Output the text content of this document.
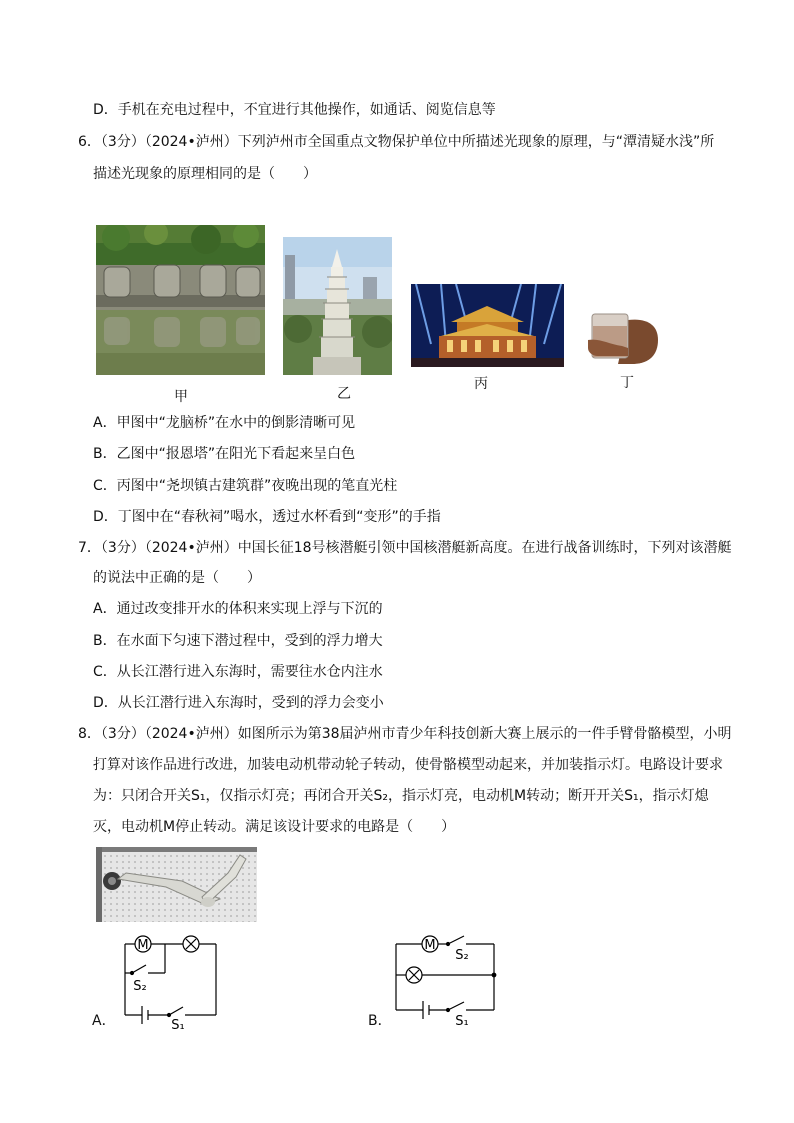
D．手机在充电过程中，不宜进行其他操作，如通话、阅览信息等
6．（3分）（2024•泸州）下列泸州市全国重点文物保护单位中所描述光现象的原理，与“潭清疑水浅”所
描述光现象的原理相同的是（　　）
甲	乙
丙	丁
A．甲图中“龙脑桥”在水中的倒影清晰可见
B．乙图中“报恩塔”在阳光下看起来呈白色
C．丙图中“尧坝镇古建筑群”夜晚出现的笔直光柱
D．丁图中在“春秋祠”喝水，透过水杯看到“变形”的手指
7．（3分）（2024•泸州）中国长征18号核潜艇引领中国核潜艇新高度。在进行战备训练时，下列对该潜艇
的说法中正确的是（　　）
A．通过改变排开水的体积来实现上浮与下沉的
B．在水面下匀速下潜过程中，受到的浮力增大
C．从长江潜行进入东海时，需要往水仓内注水
D．从长江潜行进入东海时，受到的浮力会变小
8．（3分）（2024•泸州）如图所示为第38届泸州市青少年科技创新大赛上展示的一件手臂骨骼模型，小明
打算对该作品进行改进，加装电动机带动轮子转动，使骨骼模型动起来，并加装指示灯。电路设计要求
为：只闭合开关S₁，仅指示灯亮；再闭合开关S₂，指示灯亮，电动机M转动；断开开关S₁，指示灯熄
灭，电动机M停止转动。满足该设计要求的电路是（　　）
M
S₂
S₁
A．
M
S₂
S₁
B．
